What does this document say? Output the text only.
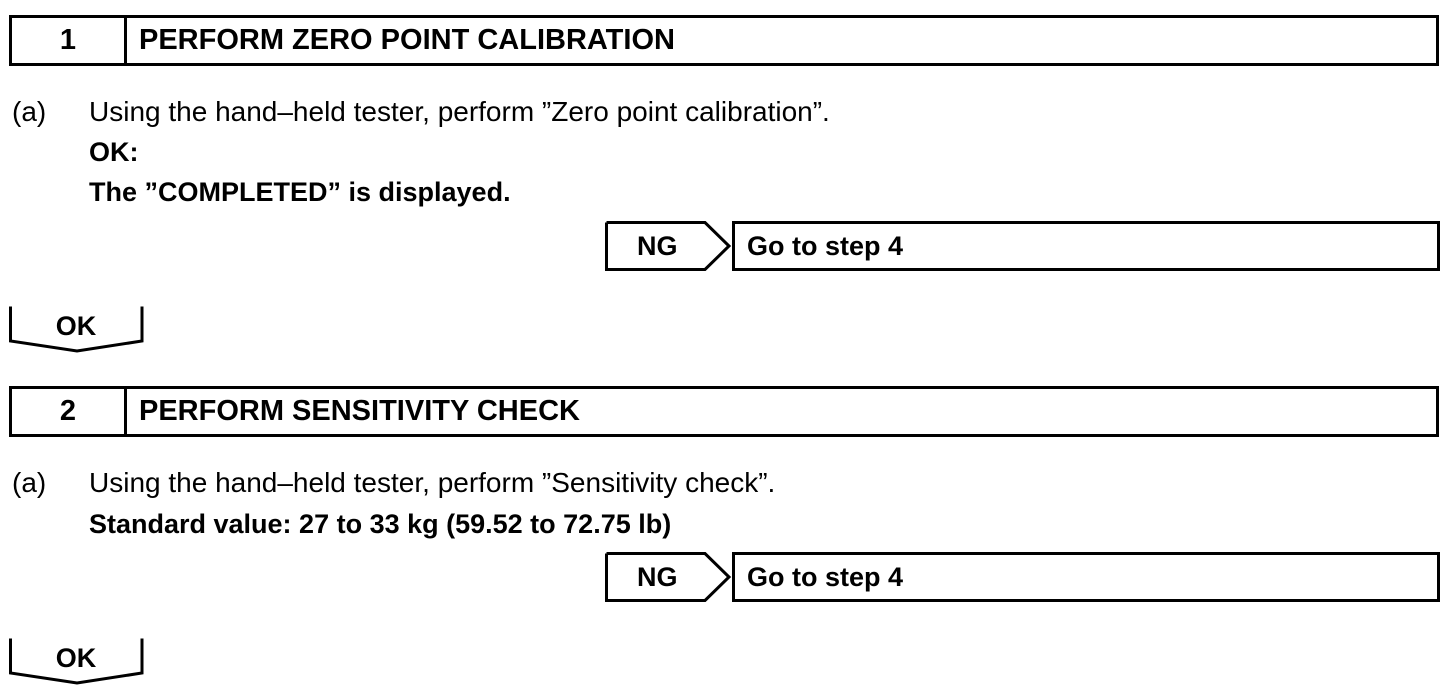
1	PERFORM ZERO POINT CALIBRATION
(a) Using the hand–held tester, perform ”Zero point calibration”.
OK:
The ”COMPLETED” is displayed.
NG	Go to step 4
OK
2	PERFORM SENSITIVITY CHECK
(a) Using the hand–held tester, perform ”Sensitivity check”.
Standard value: 27 to 33 kg (59.52 to 72.75 lb)
NG	Go to step 4
OK
